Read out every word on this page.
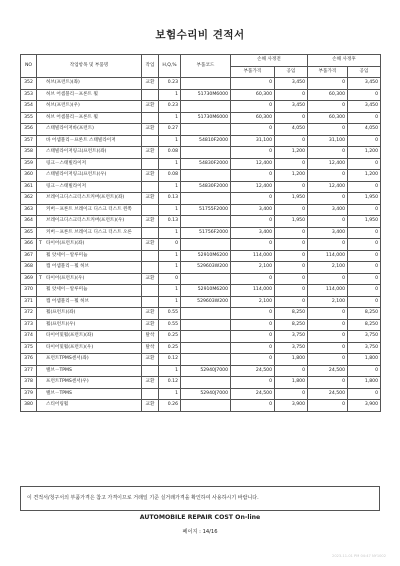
보험수리비 견적서
NO	작업항목 및 부품명	작업	H,Q,%	부품코드	손해 사정전		손해 사정후	
					부품가격	공임	부품가격	공임
352	허브(프런트)(좌)	교환	0.23		0	3,450	0	3,450
353	허브 어셈블리－프론트 휠		1	51730M6000	60,300	0	60,300	0
354	허브(프런트)(우)	교환	0.23		0	3,450	0	3,450
355	허브 어셈블리－프론트 휠		1	51730M6000	60,300	0	60,300	0
356	스태빌라이저바(프런트)	교환	0.27		0	4,050	0	4,050
357	바 어셈블리－프론트 스태빌라이저		1	54810F2000	31,100	0	31,100	0
358	스태빌라이저링크(프런트)(좌)	교환	0.08		0	1,200	0	1,200
359	링크－스태빌라이저		1	54830F2000	12,400	0	12,400	0
360	스태빌라이저링크(프런트)(우)	교환	0.08		0	1,200	0	1,200
361	링크－스태빌라이저		1	54830F2000	12,400	0	12,400	0
362	브레이크디스크더스트커버(프런트)(좌)	교환	0.13		0	1,950	0	1,950
363	커버－프론트 브레이크 디스크 더스트 왼쪽		1	51755F2000	3,400	0	3,400	0
364	브레이크디스크더스트커버(프런트)(우)	교환	0.13		0	1,950	0	1,950
365	커버－프론트 브레이크 디스크 더스트 오른		1	51756F2000	3,400	0	3,400	0
366	T 타이어(프런트)(좌)	교환	0		0	0	0	0
367	휠 앗세이－알루미늄		1	52910M6200	114,000	0	114,000	0
368	캡 어셈블리－휠 허브		1	529603W200	2,100	0	2,100	0
369	T 타이어(프런트)(우)	교환	0		0	0	0	0
370	휠 앗세이－알루미늄		1	52910M6200	114,000	0	114,000	0
371	캡 어셈블리－휠 허브		1	529603W200	2,100	0	2,100	0
372	휠(프런트)(좌)	교환	0.55		0	8,250	0	8,250
373	휠(프런트)(우)	교환	0.55		0	8,250	0	8,250
374	타이어및휠(프런트)(좌)	탈착	0.25		0	3,750	0	3,750
375	타이어및휠(프런트)(우)	탈착	0.25		0	3,750	0	3,750
376	프런트TPMS센서(좌)	교환	0.12		0	1,800	0	1,800
377	밸브－TPMS		1	52940J7000	24,500	0	24,500	0
378	프런트TPMS센서(우)	교환	0.12		0	1,800	0	1,800
379	밸브－TPMS		1	52940J7000	24,500	0	24,500	0
380	스티어링휠	교환	0.26		0	3,900	0	3,900
이 견적서/청구서의 부품가격은 참고 가격이므로 거래일 기준 실거래가격을 확인하여 사용하시기 바랍니다.
AUTOMOBILE REPAIR COST On-line
페이지 : 14/16
2023-11-01 PM 04:47 NY1002
